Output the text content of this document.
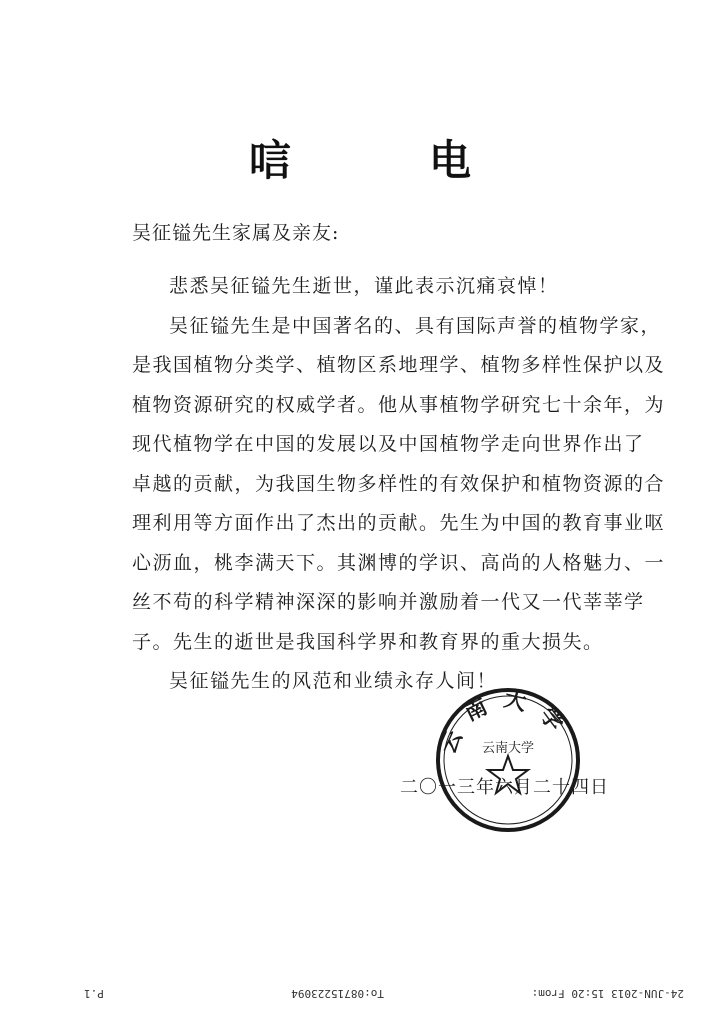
唁　电
吴征镒先生家属及亲友:
悲悉吴征镒先生逝世，谨此表示沉痛哀悼！
吴征镒先生是中国著名的、具有国际声誉的植物学家，
是我国植物分类学、植物区系地理学、植物多样性保护以及
植物资源研究的权威学者。他从事植物学研究七十余年，为
现代植物学在中国的发展以及中国植物学走向世界作出了
卓越的贡献，为我国生物多样性的有效保护和植物资源的合
理利用等方面作出了杰出的贡献。先生为中国的教育事业呕
心沥血，桃李满天下。其渊博的学识、高尚的人格魅力、一
丝不苟的科学精神深深的影响并激励着一代又一代莘莘学
子。先生的逝世是我国科学界和教育界的重大损失。
吴征镒先生的风范和业绩永存人间！
二〇一三年六月二十四日
云南大学
云南大学
24-JUN-2013 15:20 From:
To:08715223094
P.1
